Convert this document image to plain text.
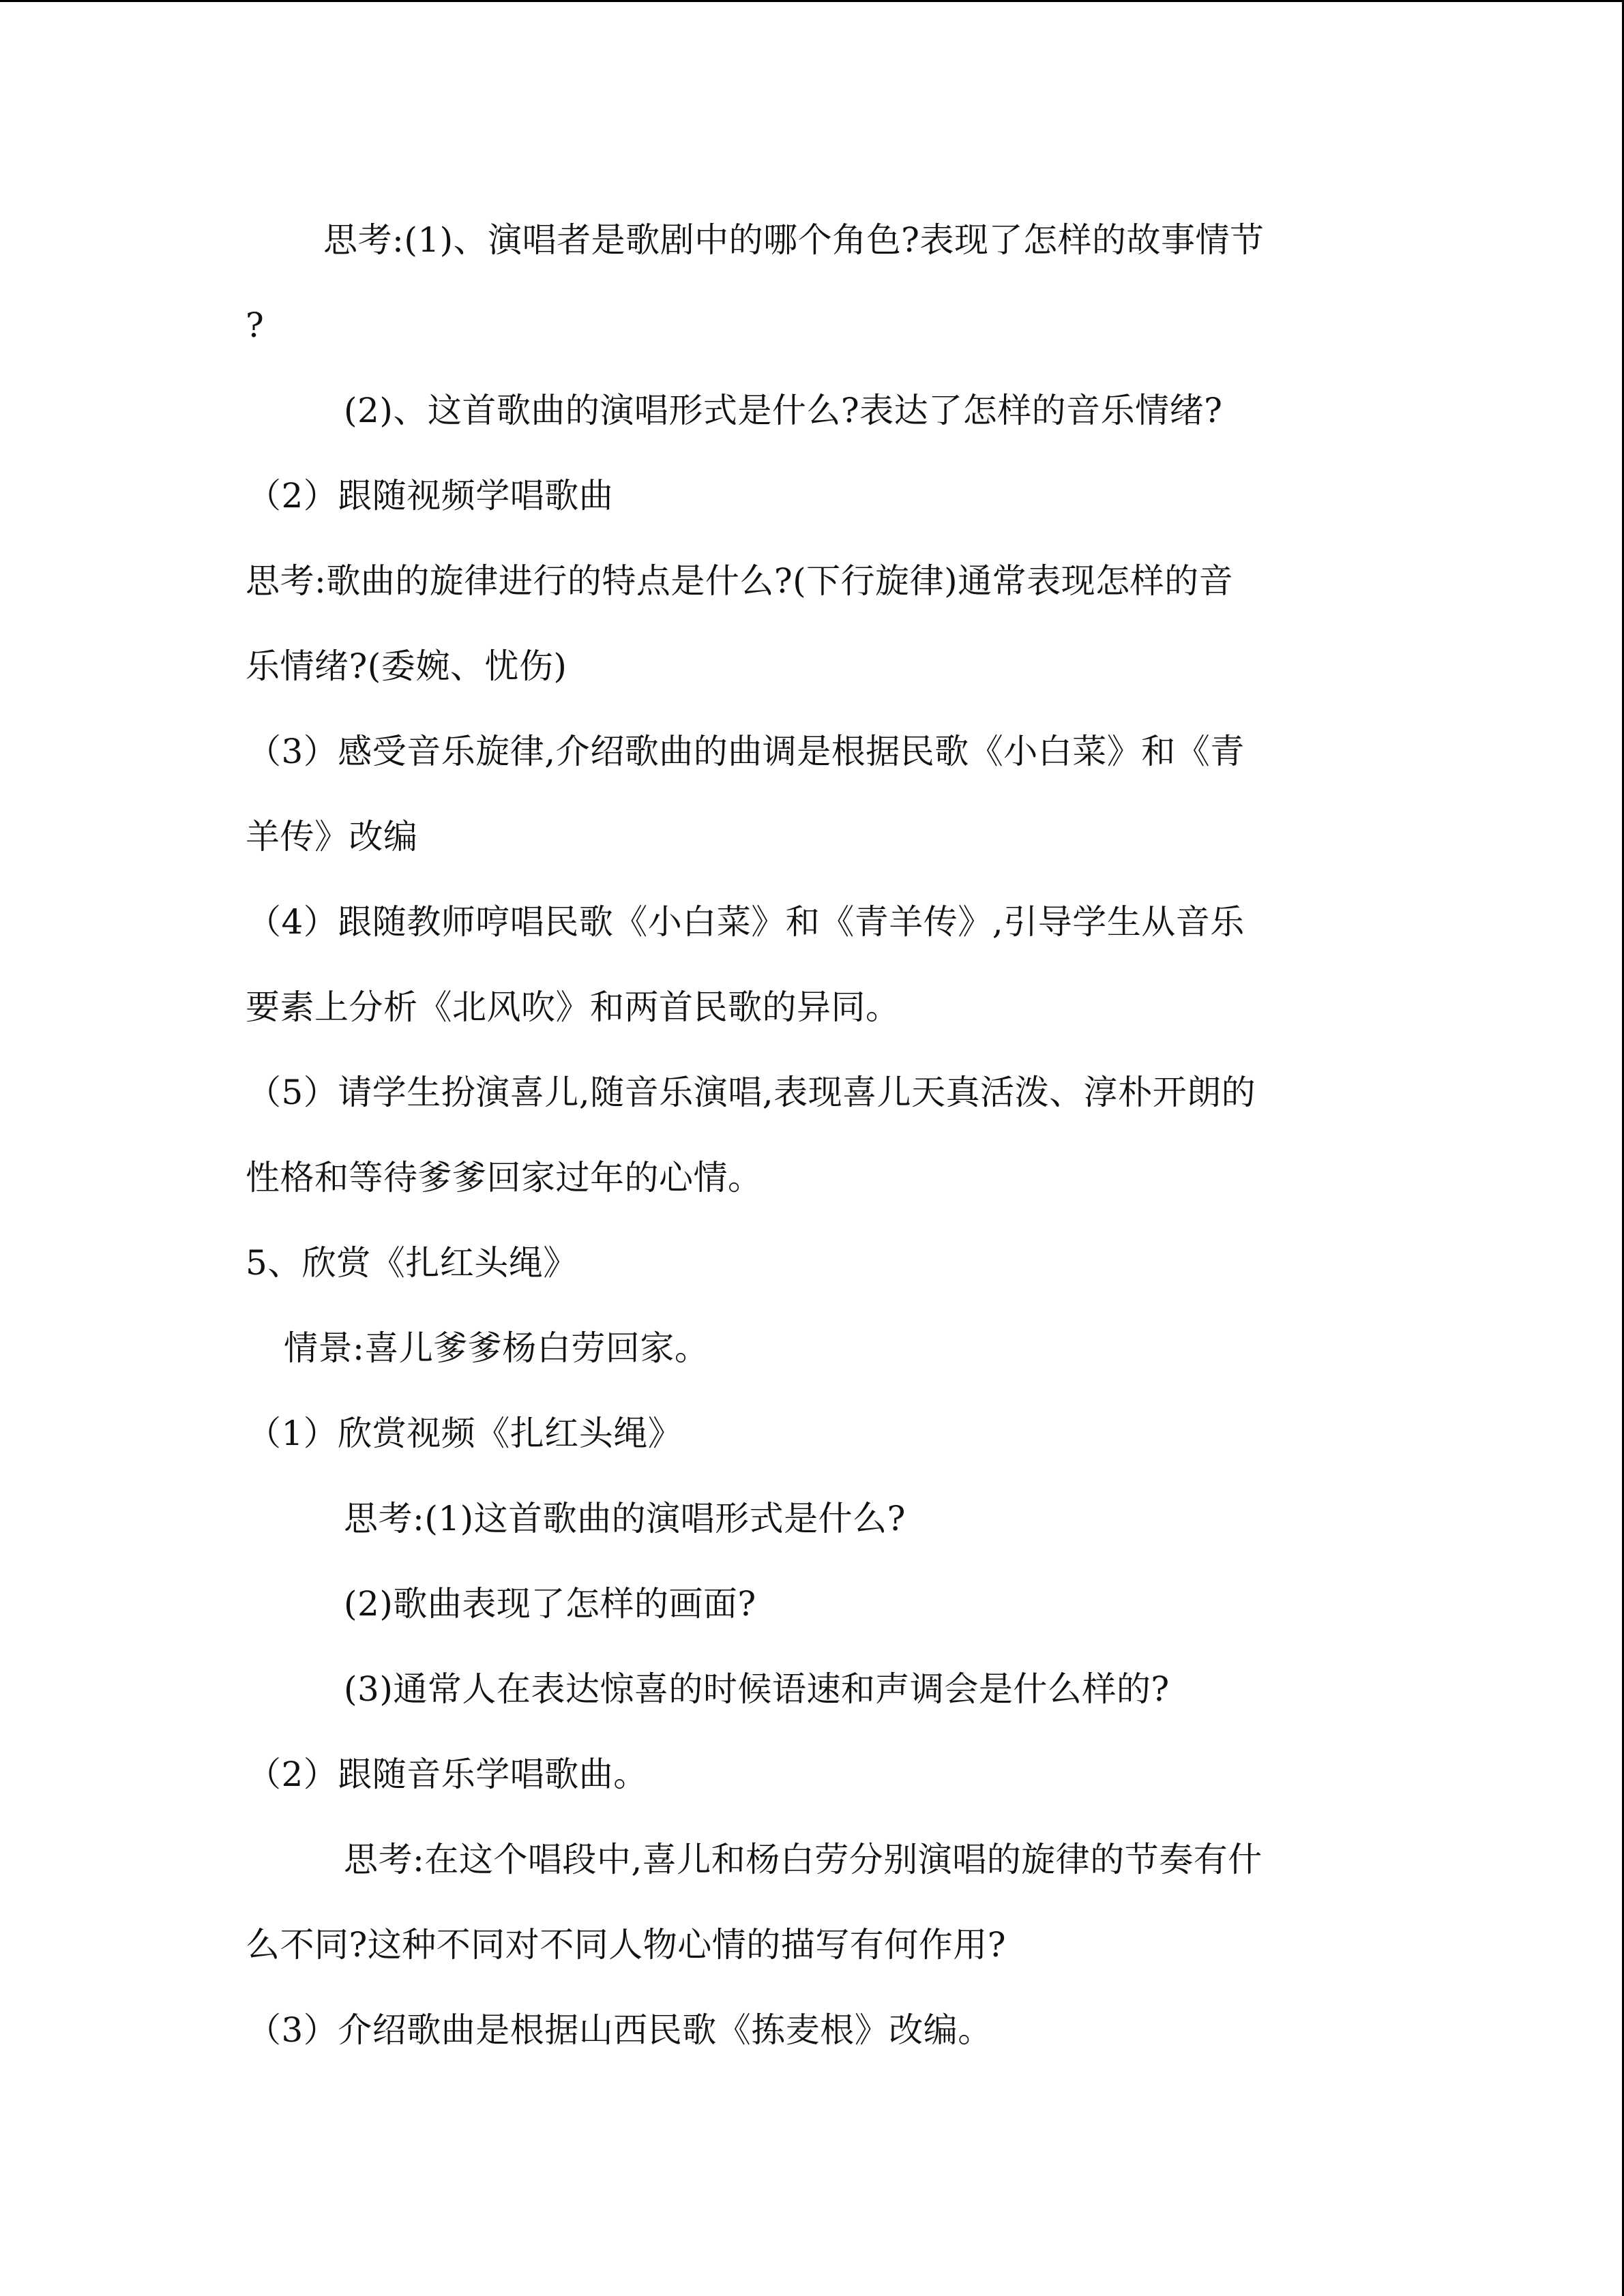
思考:(1)、演唱者是歌剧中的哪个角色?表现了怎样的故事情节

?

(2)、这首歌曲的演唱形式是什么?表达了怎样的音乐情绪?

（2）跟随视频学唱歌曲

思考:歌曲的旋律进行的特点是什么?(下行旋律)通常表现怎样的音

乐情绪?(委婉、忧伤)

（3）感受音乐旋律,介绍歌曲的曲调是根据民歌《小白菜》和《青

羊传》改编

（4）跟随教师哼唱民歌《小白菜》和《青羊传》,引导学生从音乐

要素上分析《北风吹》和两首民歌的异同。

（5）请学生扮演喜儿,随音乐演唱,表现喜儿天真活泼、淳朴开朗的

性格和等待爹爹回家过年的心情。

5、欣赏《扎红头绳》

情景:喜儿爹爹杨白劳回家。

（1）欣赏视频《扎红头绳》

思考:(1)这首歌曲的演唱形式是什么?

(2)歌曲表现了怎样的画面?

(3)通常人在表达惊喜的时候语速和声调会是什么样的?

（2）跟随音乐学唱歌曲。

思考:在这个唱段中,喜儿和杨白劳分别演唱的旋律的节奏有什

么不同?这种不同对不同人物心情的描写有何作用?

（3）介绍歌曲是根据山西民歌《拣麦根》改编。
